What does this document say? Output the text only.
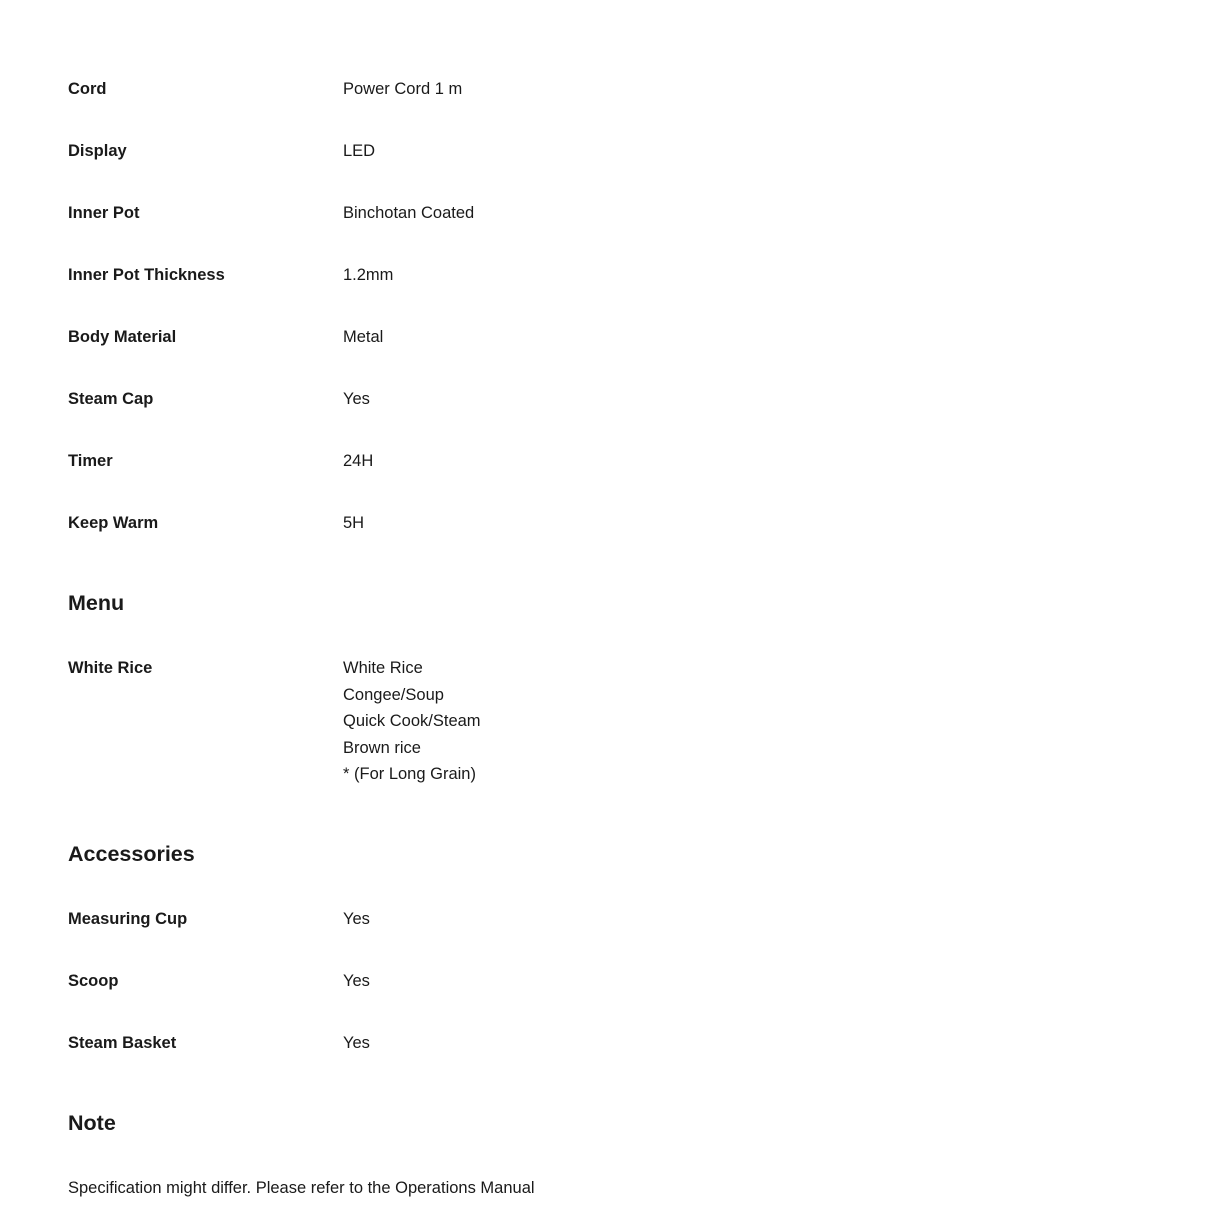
Cord	Power Cord 1 m
Display	LED
Inner Pot	Binchotan Coated
Inner Pot Thickness	1.2mm
Body Material	Metal
Steam Cap	Yes
Timer	24H
Keep Warm	5H
Menu
White Rice	White Rice
Congee/Soup
Quick Cook/Steam
Brown rice
* (For Long Grain)
Accessories
Measuring Cup	Yes
Scoop	Yes
Steam Basket	Yes
Note
Specification might differ. Please refer to the Operations Manual
